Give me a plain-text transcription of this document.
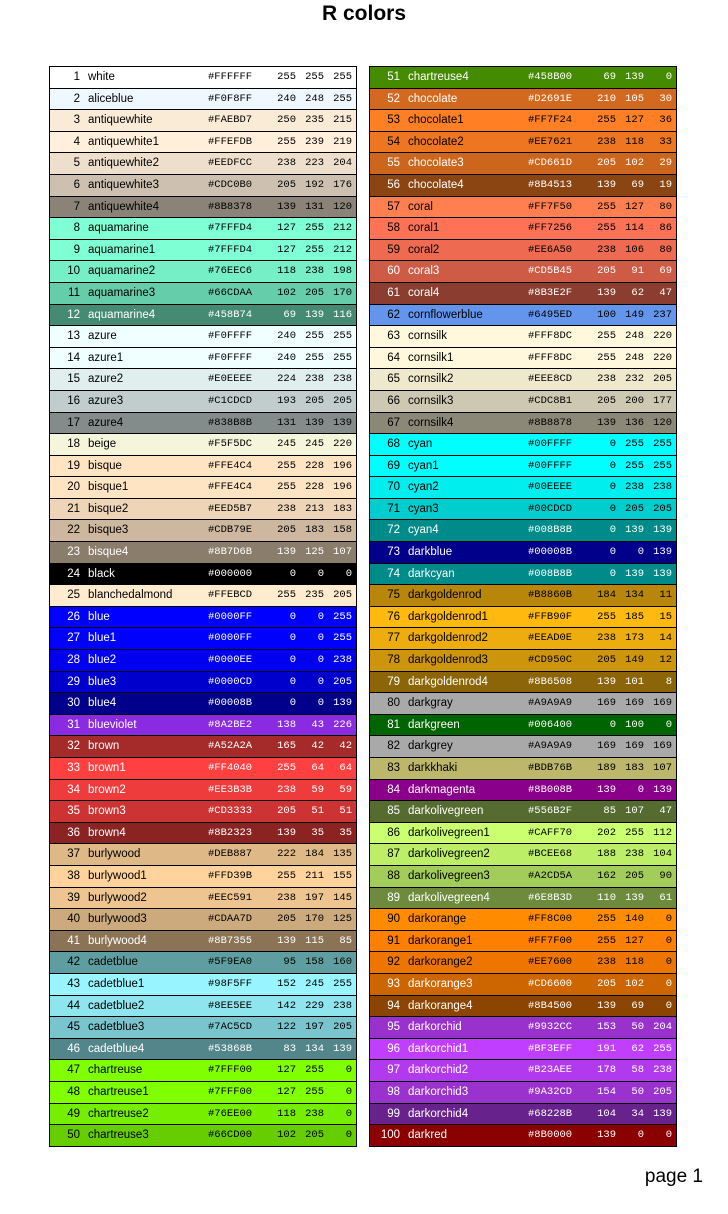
R colors
1 white	#FFFFFF 255 255 255
2 aliceblue	#F0F8FF 240 248 255
3 antiquewhite	#FAEBD7 250 235 215
4 antiquewhite1	#FFEFDB 255 239 219
5 antiquewhite2	#EEDFCC 238 223 204
6 antiquewhite3	#CDC0B0 205 192 176
7 antiquewhite4	#8B8378 139 131 120
8 aquamarine	#7FFFD4 127 255 212
9 aquamarine1	#7FFFD4 127 255 212
10 aquamarine2	#76EEC6 118 238 198
11 aquamarine3	#66CDAA 102 205 170
12 aquamarine4	#458B74	69 139 116
13 azure	#F0FFFF 240 255 255
14 azure1	#F0FFFF 240 255 255
15 azure2	#E0EEEE 224 238 238
16 azure3	#C1CDCD 193 205 205
17 azure4	#838B8B 131 139 139
18 beige	#F5F5DC 245 245 220
19 bisque	#FFE4C4 255 228 196
20 bisque1	#FFE4C4 255 228 196
21 bisque2	#EED5B7 238 213 183
22 bisque3	#CDB79E 205 183 158
23 bisque4	#8B7D6B 139 125 107
24 black	#000000	0	0	0
25 blanchedalmond	#FFEBCD 255 235 205
26 blue	#0000FF	0	0 255
27 blue1	#0000FF	0	0 255
28 blue2	#0000EE	0	0 238
29 blue3	#0000CD	0	0 205
30 blue4	#00008B	0	0 139
31 blueviolet	#8A2BE2 138	43 226
32 brown	#A52A2A 165	42	42
33 brown1	#FF4040 255	64	64
34 brown2	#EE3B3B 238	59	59
35 brown3	#CD3333 205	51	51
36 brown4	#8B2323 139	35	35
37 burlywood	#DEB887 222 184 135
38 burlywood1	#FFD39B 255 211 155
39 burlywood2	#EEC591 238 197 145
40 burlywood3	#CDAA7D 205 170 125
41 burlywood4	#8B7355 139 115	85
42 cadetblue	#5F9EA0	95 158 160
43 cadetblue1	#98F5FF 152 245 255
44 cadetblue2	#8EE5EE 142 229 238
45 cadetblue3	#7AC5CD 122 197 205
46 cadetblue4	#53868B	83 134 139
47 chartreuse	#7FFF00 127 255	0
48 chartreuse1	#7FFF00 127 255	0
49 chartreuse2	#76EE00 118 238	0
50 chartreuse3	#66CD00 102 205	0
51 chartreuse4	#458B00	69 139	0
52 chocolate	#D2691E 210 105	30
53 chocolate1	#FF7F24 255 127	36
54 chocolate2	#EE7621 238 118	33
55 chocolate3	#CD661D 205 102	29
56 chocolate4	#8B4513 139	69	19
57 coral	#FF7F50 255 127	80
58 coral1	#FF7256 255 114	86
59 coral2	#EE6A50 238 106	80
60 coral3	#CD5B45 205	91	69
61 coral4	#8B3E2F 139	62	47
62 cornflowerblue	#6495ED 100 149 237
63 cornsilk	#FFF8DC 255 248 220
64 cornsilk1	#FFF8DC 255 248 220
65 cornsilk2	#EEE8CD 238 232 205
66 cornsilk3	#CDC8B1 205 200 177
67 cornsilk4	#8B8878 139 136 120
68 cyan	#00FFFF	0 255 255
69 cyan1	#00FFFF	0 255 255
70 cyan2	#00EEEE	0 238 238
71 cyan3	#00CDCD	0 205 205
72 cyan4	#008B8B	0 139 139
73 darkblue	#00008B	0	0 139
74 darkcyan	#008B8B	0 139 139
75 darkgoldenrod	#B8860B 184 134	11
76 darkgoldenrod1	#FFB90F 255 185	15
77 darkgoldenrod2	#EEAD0E 238 173	14
78 darkgoldenrod3	#CD950C 205 149	12
79 darkgoldenrod4	#8B6508 139 101	8
80 darkgray	#A9A9A9 169 169 169
81 darkgreen	#006400	0 100	0
82 darkgrey	#A9A9A9 169 169 169
83 darkkhaki	#BDB76B 189 183 107
84 darkmagenta	#8B008B 139	0 139
85 darkolivegreen	#556B2F	85 107	47
86 darkolivegreen1	#CAFF70 202 255 112
87 darkolivegreen2	#BCEE68 188 238 104
88 darkolivegreen3	#A2CD5A 162 205	90
89 darkolivegreen4	#6E8B3D 110 139	61
90 darkorange	#FF8C00 255 140	0
91 darkorange1	#FF7F00 255 127	0
92 darkorange2	#EE7600 238 118	0
93 darkorange3	#CD6600 205 102	0
94 darkorange4	#8B4500 139	69	0
95 darkorchid	#9932CC 153	50 204
96 darkorchid1	#BF3EFF 191	62 255
97 darkorchid2	#B23AEE 178	58 238
98 darkorchid3	#9A32CD 154	50 205
99 darkorchid4	#68228B 104	34 139
100 darkred	#8B0000 139	0	0
page 1
